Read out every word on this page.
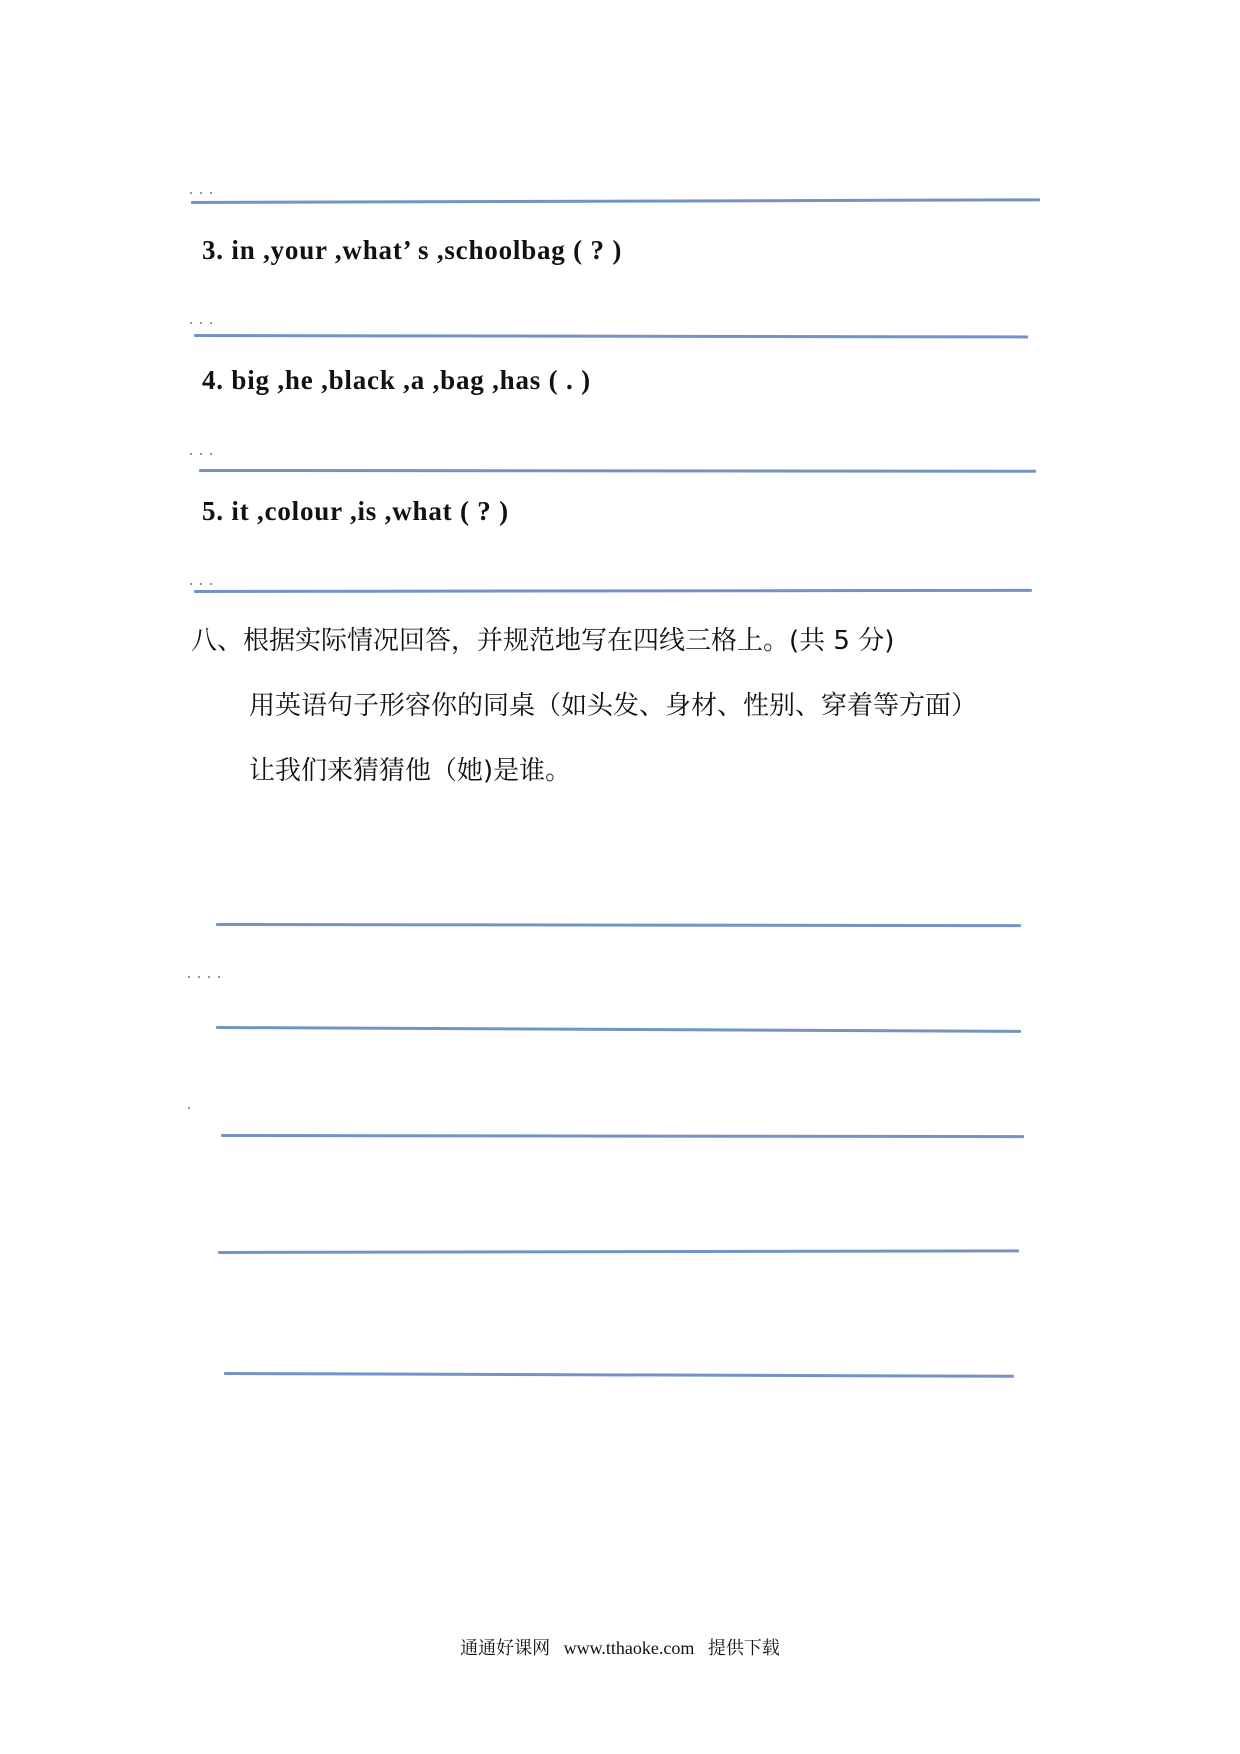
3. in ,your ,what’ s ,schoolbag ( ? )
4. big ,he ,black ,a ,bag ,has ( . )
5. it ,colour ,is ,what ( ? )
八、根据实际情况回答，并规范地写在四线三格上。(共 5 分)
用英语句子形容你的同桌（如头发、身材、性别、穿着等方面）
让我们来猜猜他（她)是谁。
通通好课网   www.tthaoke.com   提供下载
